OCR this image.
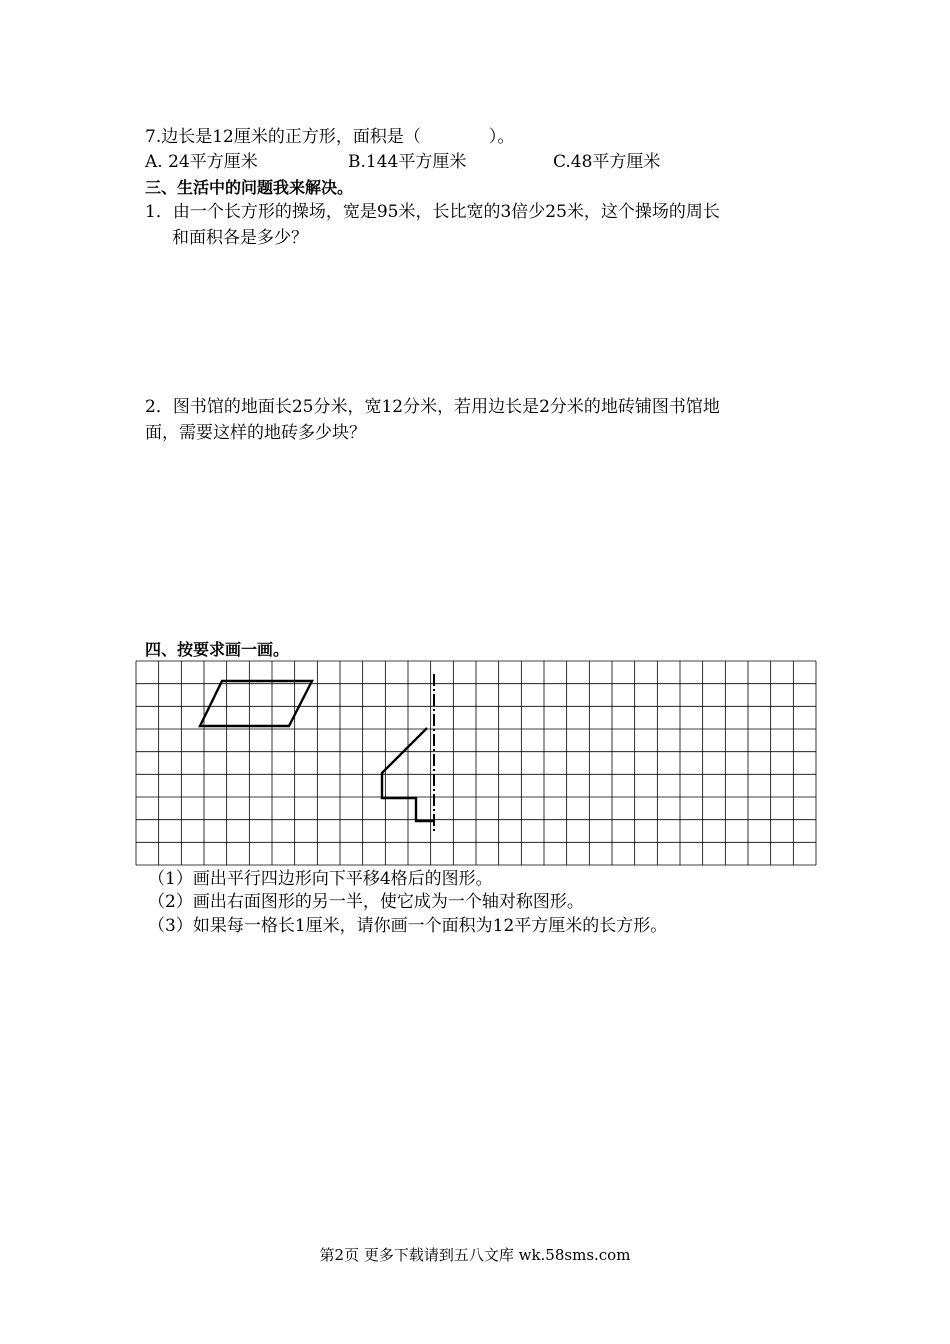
7.边长是12厘米的正方形，面积是（　　　　）。
A. 24平方厘米	B.144平方厘米	C.48平方厘米
三、生活中的问题我来解决。
1．由一个长方形的操场，宽是95米，长比宽的3倍少25米，这个操场的周长
和面积各是多少？
2．图书馆的地面长25分米，宽12分米，若用边长是2分米的地砖铺图书馆地
面，需要这样的地砖多少块？
四、按要求画一画。
（1）画出平行四边形向下平移4格后的图形。
（2）画出右面图形的另一半，使它成为一个轴对称图形。
（3）如果每一格长1厘米，请你画一个面积为12平方厘米的长方形。
第2页 更多下载请到五八文库 wk.58sms.com
